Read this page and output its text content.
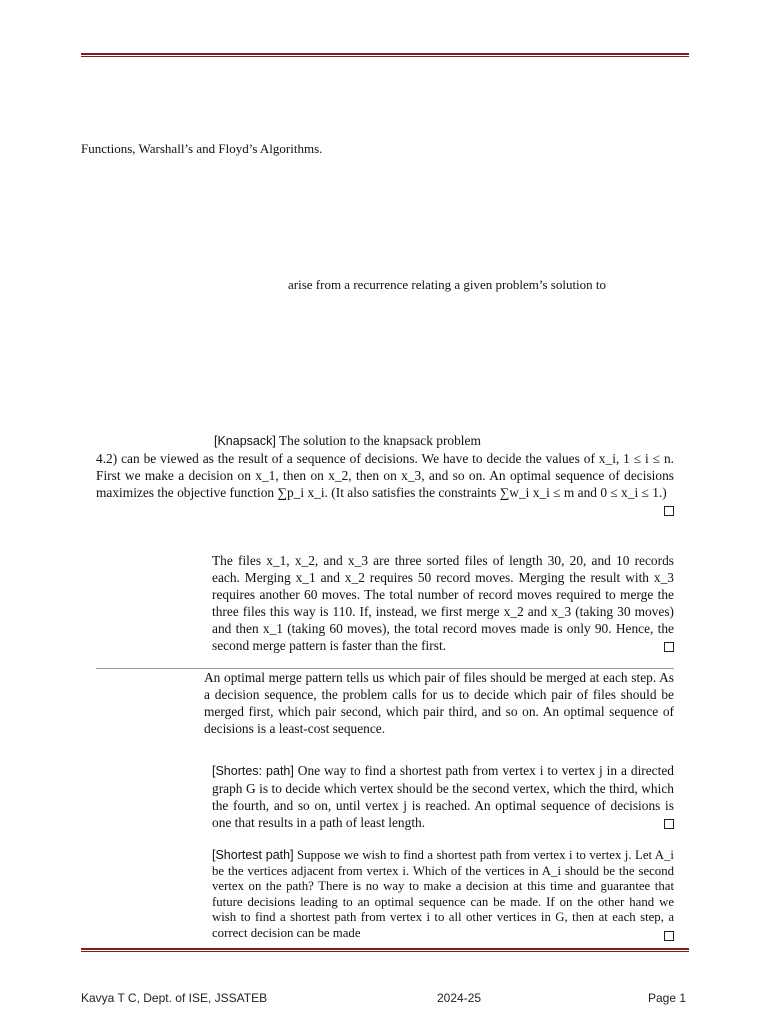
Functions, Warshall’s and Floyd’s Algorithms.
arise from a recurrence relating a given problem’s solution to

[Knapsack] The solution to the knapsack problem

4.2) can be viewed as the result of a sequence of decisions. We have to decide the values of x_i, 1 ≤ i ≤ n. First we make a decision on x_1, then on x_2, then on x_3, and so on. An optimal sequence of decisions maximizes the objective function ∑p_i x_i. (It also satisfies the constraints ∑w_i x_i ≤ m and 0 ≤ x_i ≤ 1.)

The files x_1, x_2, and x_3 are three sorted files of length 30, 20, and 10 records each. Merging x_1 and x_2 requires 50 record moves. Merging the result with x_3 requires another 60 moves. The total number of record moves required to merge the three files this way is 110. If, instead, we first merge x_2 and x_3 (taking 30 moves) and then x_1 (taking 60 moves), the total record moves made is only 90. Hence, the second merge pattern is faster than the first.

An optimal merge pattern tells us which pair of files should be merged at each step. As a decision sequence, the problem calls for us to decide which pair of files should be merged first, which pair second, which pair third, and so on. An optimal sequence of decisions is a least-cost sequence.

[Shortes: path] One way to find a shortest path from vertex i to vertex j in a directed graph G is to decide which vertex should be the second vertex, which the third, which the fourth, and so on, until vertex j is reached. An optimal sequence of decisions is one that results in a path of least length.

[Shortest path] Suppose we wish to find a shortest path from vertex i to vertex j. Let A_i be the vertices adjacent from vertex i. Which of the vertices in A_i should be the second vertex on the path? There is no way to make a decision at this time and guarantee that future decisions leading to an optimal sequence can be made. If on the other hand we wish to find a shortest path from vertex i to all other vertices in G, then at each step, a correct decision can be made

Kavya T C, Dept. of ISE, JSSATEB	2024-25	Page 1
